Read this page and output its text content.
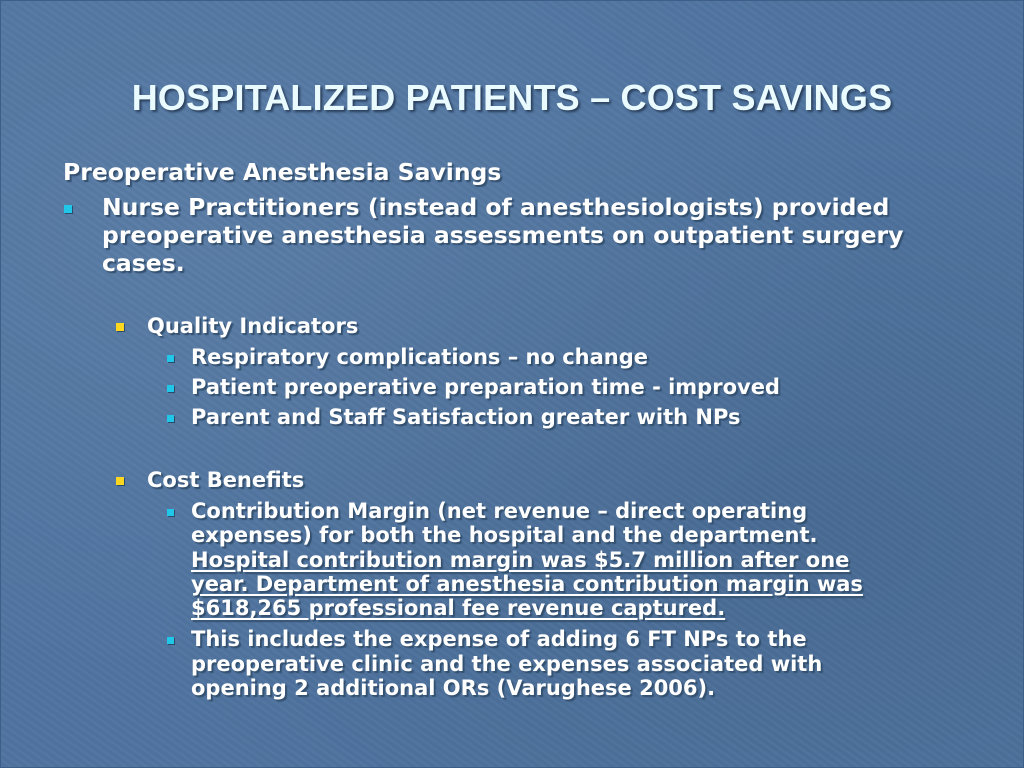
HOSPITALIZED PATIENTS – COST SAVINGS
Preoperative Anesthesia Savings
Nurse Practitioners (instead of anesthesiologists) provided
preoperative anesthesia assessments on outpatient surgery
cases.
Quality Indicators
Respiratory complications – no change
Patient preoperative preparation time - improved
Parent and Staff Satisfaction greater with NPs
Cost Benefits
Contribution Margin (net revenue – direct operating
expenses) for both the hospital and the department.
Hospital contribution margin was $5.7 million after one
year. Department of anesthesia contribution margin was
$618,265 professional fee revenue captured.
This includes the expense of adding 6 FT NPs to the
preoperative clinic and the expenses associated with
opening 2 additional ORs (Varughese 2006).
